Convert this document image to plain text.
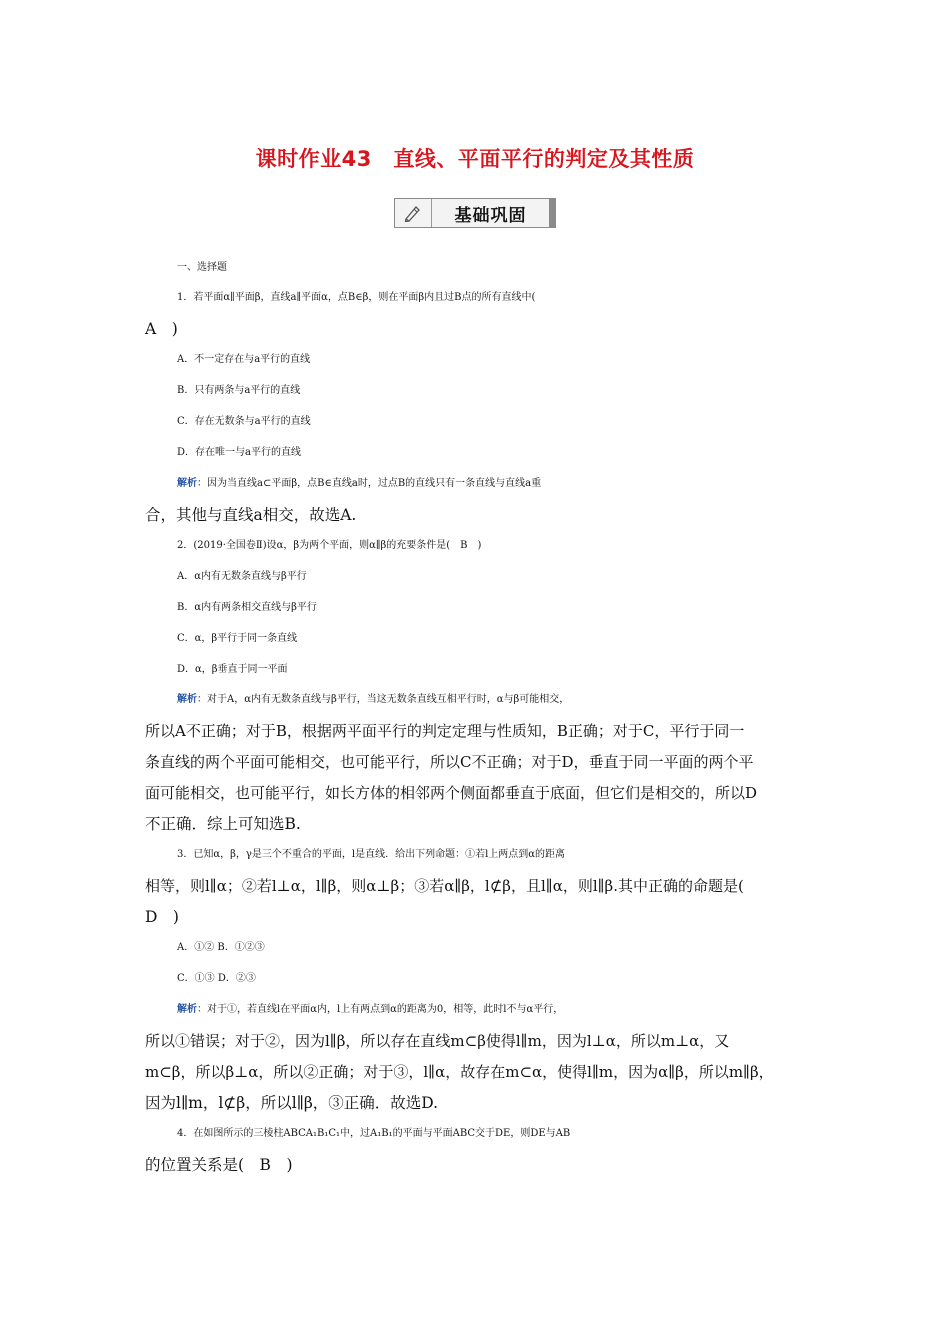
课时作业43　直线、平面平行的判定及其性质
基础巩固
一、选择题
1．若平面α∥平面β，直线a∥平面α，点B∈β，则在平面β内且过B点的所有直线中(
A　)
A．不一定存在与a平行的直线
B．只有两条与a平行的直线
C．存在无数条与a平行的直线
D．存在唯一与a平行的直线
解析：因为当直线a⊂平面β，点B∈直线a时，过点B的直线只有一条直线与直线a重
合，其他与直线a相交，故选A.
2．(2019·全国卷Ⅱ)设α，β为两个平面，则α∥β的充要条件是(　B　)
A．α内有无数条直线与β平行
B．α内有两条相交直线与β平行
C．α，β平行于同一条直线
D．α，β垂直于同一平面
解析：对于A，α内有无数条直线与β平行，当这无数条直线互相平行时，α与β可能相交，
所以A不正确；对于B，根据两平面平行的判定定理与性质知，B正确；对于C，平行于同一
条直线的两个平面可能相交，也可能平行，所以C不正确；对于D，垂直于同一平面的两个平
面可能相交，也可能平行，如长方体的相邻两个侧面都垂直于底面，但它们是相交的，所以D
不正确．综上可知选B.
3．已知α，β，γ是三个不重合的平面，l是直线．给出下列命题：①若l上两点到α的距离
相等，则l∥α；②若l⊥α，l∥β，则α⊥β；③若α∥β，l⊄β，且l∥α，则l∥β.其中正确的命题是(
D　)
A．①② B．①②③
C．①③ D．②③
解析：对于①，若直线l在平面α内，l上有两点到α的距离为0，相等，此时l不与α平行，
所以①错误；对于②，因为l∥β，所以存在直线m⊂β使得l∥m，因为l⊥α，所以m⊥α，又
m⊂β，所以β⊥α，所以②正确；对于③，l∥α，故存在m⊂α，使得l∥m，因为α∥β，所以m∥β，
因为l∥m，l⊄β，所以l∥β，③正确．故选D.
4．在如图所示的三棱柱ABCA₁B₁C₁中，过A₁B₁的平面与平面ABC交于DE，则DE与AB
的位置关系是(　B　)
